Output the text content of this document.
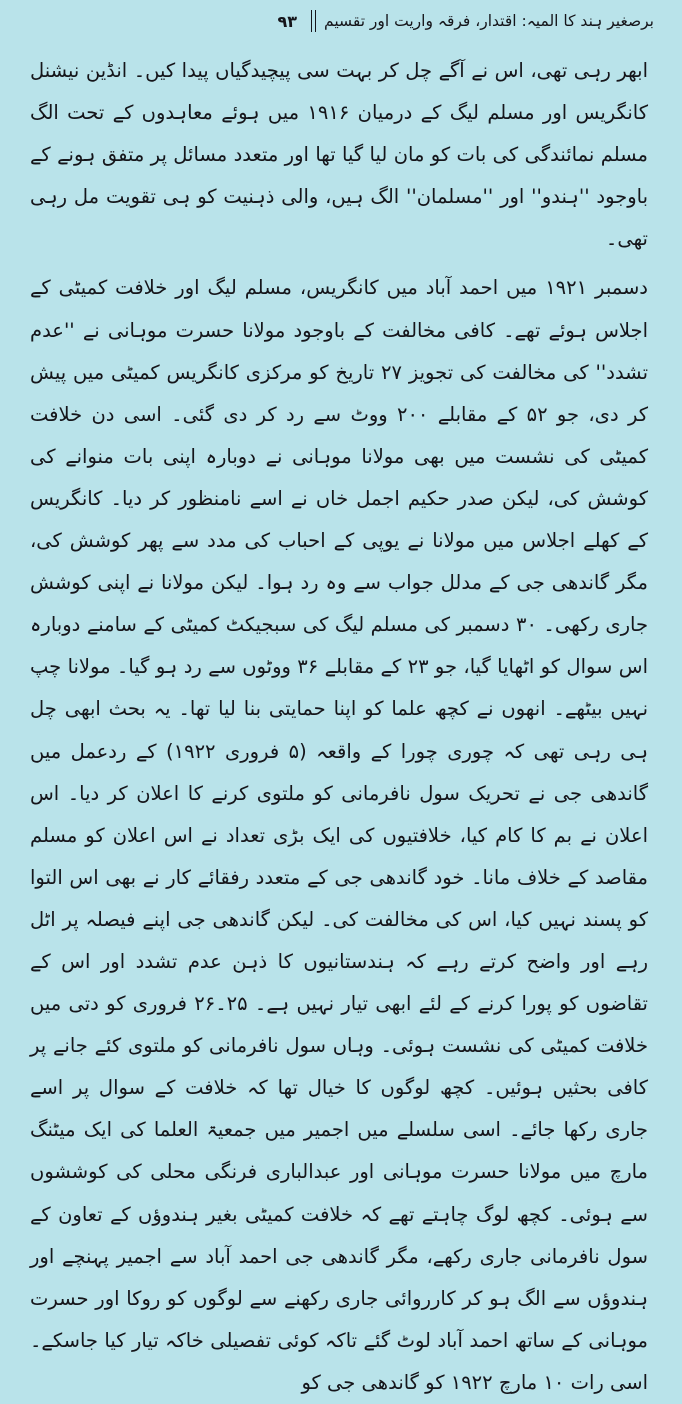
برصغیر ہند کا المیہ: اقتدار، فرقہ واریت اور تقسیم
۹۳

ابھر رہی تھی، اس نے آگے چل کر بہت سی پیچیدگیاں پیدا کیں۔ انڈین نیشنل کانگریس اور مسلم لیگ کے درمیان ۱۹۱۶ میں ہوئے معاہدوں کے تحت الگ مسلم نمائندگی کی بات کو مان لیا گیا تھا اور متعدد مسائل پر متفق ہونے کے باوجود ''ہندو'' اور ''مسلمان'' الگ ہیں، والی ذہنیت کو ہی تقویت مل رہی تھی۔

دسمبر ۱۹۲۱ میں احمد آباد میں کانگریس، مسلم لیگ اور خلافت کمیٹی کے اجلاس ہوئے تھے۔ کافی مخالفت کے باوجود مولانا حسرت موہانی نے ''عدم تشدد'' کی مخالفت کی تجویز ۲۷ تاریخ کو مرکزی کانگریس کمیٹی میں پیش کر دی، جو ۵۲ کے مقابلے ۲۰۰ ووٹ سے رد کر دی گئی۔ اسی دن خلافت کمیٹی کی نشست میں بھی مولانا موہانی نے دوبارہ اپنی بات منوانے کی کوشش کی، لیکن صدر حکیم اجمل خاں نے اسے نامنظور کر دیا۔ کانگریس کے کھلے اجلاس میں مولانا نے یوپی کے احباب کی مدد سے پھر کوشش کی، مگر گاندھی جی کے مدلل جواب سے وہ رد ہوا۔ لیکن مولانا نے اپنی کوشش جاری رکھی۔ ۳۰ دسمبر کی مسلم لیگ کی سبجیکٹ کمیٹی کے سامنے دوبارہ اس سوال کو اٹھایا گیا، جو ۲۳ کے مقابلے ۳۶ ووٹوں سے رد ہو گیا۔ مولانا چپ نہیں بیٹھے۔ انھوں نے کچھ علما کو اپنا حمایتی بنا لیا تھا۔ یہ بحث ابھی چل ہی رہی تھی کہ چوری چورا کے واقعہ (۵ فروری ۱۹۲۲) کے ردعمل میں گاندھی جی نے تحریک سول نافرمانی کو ملتوی کرنے کا اعلان کر دیا۔ اس اعلان نے بم کا کام کیا، خلافتیوں کی ایک بڑی تعداد نے اس اعلان کو مسلم مقاصد کے خلاف مانا۔ خود گاندھی جی کے متعدد رفقائے کار نے بھی اس التوا کو پسند نہیں کیا، اس کی مخالفت کی۔ لیکن گاندھی جی اپنے فیصلہ پر اٹل رہے اور واضح کرتے رہے کہ ہندستانیوں کا ذہن عدم تشدد اور اس کے تقاضوں کو پورا کرنے کے لئے ابھی تیار نہیں ہے۔ ۲۵۔۲۶ فروری کو دتی میں خلافت کمیٹی کی نشست ہوئی۔ وہاں سول نافرمانی کو ملتوی کئے جانے پر کافی بحثیں ہوئیں۔ کچھ لوگوں کا خیال تھا کہ خلافت کے سوال پر اسے جاری رکھا جائے۔ اسی سلسلے میں اجمیر میں جمعیۃ العلما کی ایک میٹنگ مارچ میں مولانا حسرت موہانی اور عبدالباری فرنگی محلی کی کوششوں سے ہوئی۔ کچھ لوگ چاہتے تھے کہ خلافت کمیٹی بغیر ہندوؤں کے تعاون کے سول نافرمانی جاری رکھے، مگر گاندھی جی احمد آباد سے اجمیر پہنچے اور ہندوؤں سے الگ ہو کر کارروائی جاری رکھنے سے لوگوں کو روکا اور حسرت موہانی کے ساتھ احمد آباد لوٹ گئے تاکہ کوئی تفصیلی خاکہ تیار کیا جاسکے۔ اسی رات ۱۰ مارچ ۱۹۲۲ کو گاندھی جی کو
